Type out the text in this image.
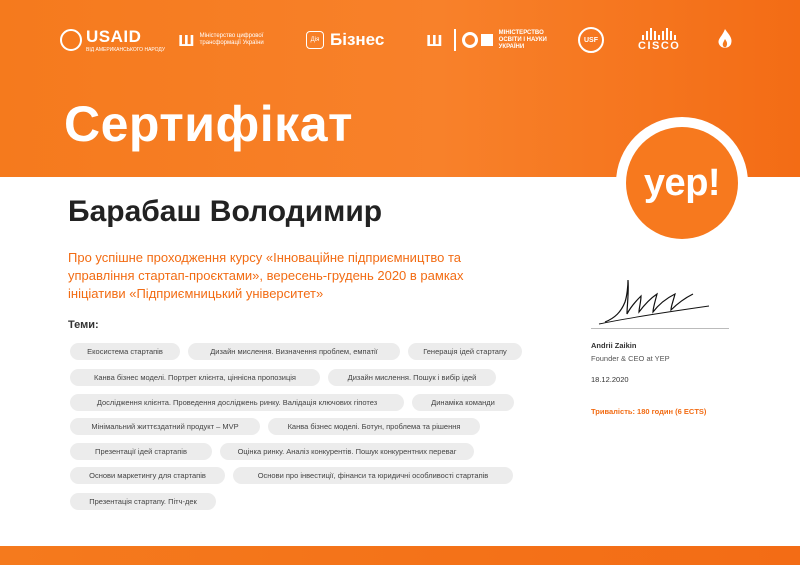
USAID
ВІД АМЕРИКАНСЬКОГО НАРОДУ ш Міністерство цифрової трансформації України	Дія Бізнес ш	МІНІСТЕРСТВО ОСВІТИ І НАУКИ УКРАЇНИ
USF	CISCO
Сертифікат
yep!
Барабаш Володимир
Про успішне проходження курсу «Інноваційне підприємництво та управління стартап-проєктами», вересень-грудень 2020 в рамках ініціативи «Підприємницький університет»
Теми:
Екосистема стартапів	Дизайн мислення. Визначення проблем, емпатії	Генерація ідей стартапу
Канва бізнес моделі. Портрет клієнта, ціннісна пропозиція	Дизайн мислення. Пошук і вибір ідей
Дослідження клієнта. Проведення досліджень ринку. Валідація ключових гіпотез	Динаміка команди
Мінімальний життєздатний продукт – MVP	Канва бізнес моделі. Ботун, проблема та рішення
Презентації ідей стартапів	Оцінка ринку. Аналіз конкурентів. Пошук конкурентних переваг
Основи маркетингу для стартапів	Основи про інвестиції, фінанси та юридичні особливості стартапів
Презентація стартапу. Пітч-дек
Andrii Zaikin
Founder & CEO at YEP
18.12.2020
Тривалість: 180 годин (6 ECTS)
